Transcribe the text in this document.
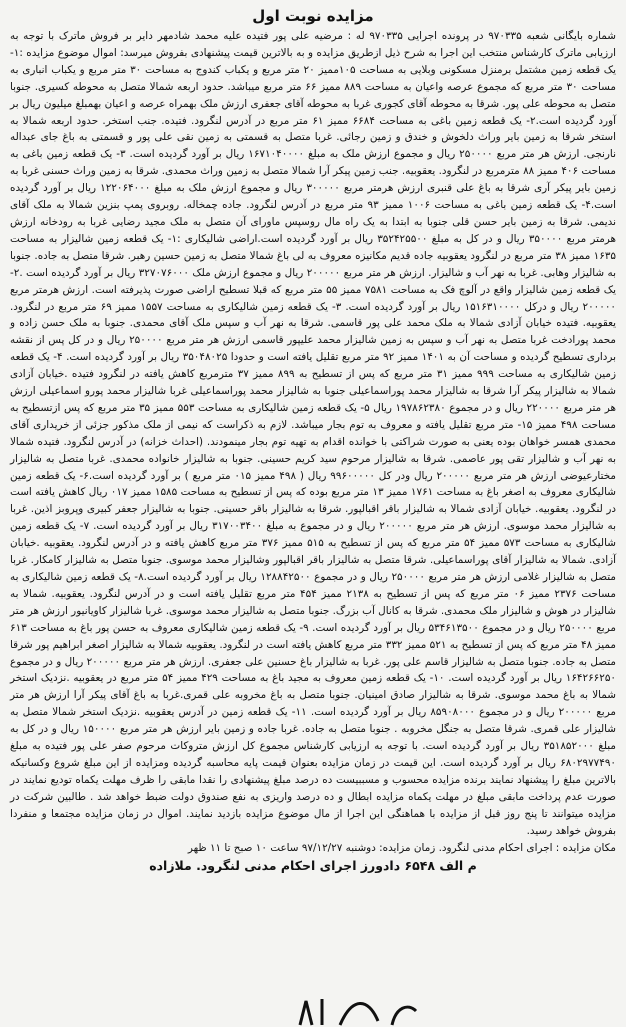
مزایده نوبت اول

شماره بایگانی شعبه ۹۷۰۳۳۵ در پرونده اجرایی ۹۷۰۳۳۵ له : مرضیه علی پور فتیده علیه محمد شادمهر دایر بر فروش ماترک با توجه به ارزیابی ماترک کارشناس منتخب این اجرا به شرح ذیل ازطریق مزایده و به بالاترین قیمت پیشنهادی بفروش میرسد: اموال موضوع مزایده :۱- یک قطعه زمین مشتمل برمنزل مسکونی وبلایی به مساحت ۱۰۵ممیز ۲۰ متر مربع و یکباب کندوج به مساحت ۳۰ متر مربع و یکباب انباری به مساحت ۳۰ متر مربع که مجموع عرصه واعیان به مساحت ۸۸۹ ممیز ۶۶ متر مربع میباشد. حدود اربعه شمالا متصل به محوطه کسیری. جنوبا متصل به محوطه علی پور. شرقا به محوطه آقای کجوری غربا به محوطه آقای جعفری ارزش ملک بهمراه عرصه و اعیان بهمبلغ میلیون ریال بر آورد گردیده است.۲- یک قطعه زمین باغی به مساحت ۶۶۸۴ ممیز ۶۱ متر مربع در آدرس لنگرود. فتیده. جنب استخر. حدود اربعه شمالا به استخر شرقا به زمین بایر وراث دلخوش و خندق و زمین رجائی. غربا متصل به قسمتی به زمین نقی علی پور و قسمتی به باغ جای عبداله نارنجی. ارزش هر متر مربع ۲۵۰۰۰۰ ریال و مجموع ارزش ملک به مبلغ ۱۶۷۱۰۴۰۰۰۰ ریال بر آورد گردیده است. ۳- یک قطعه زمین باغی به مساحت ۴۰۶ ممیز ۸۸ مترمربع در لنگرود. یعقوبیه. جنب زمین پیکر آرا شمالا متصل به زمین وراث محمدی. شرقا به زمین وراث حسنی غربا به زمین بایر پیکر آری شرقا به باغ علی قنبری ارزش هرمتر مربع ۳۰۰۰۰۰ ریال و مجموع ارزش ملک به مبلغ ۱۲۲۰۶۴۰۰۰ ریال بر آورد گردیده است.۴- یک قطعه زمین باغی به مساحت ۱۰۰۶ ممیز ۹۳ متر مربع در آدرس لنگرود. جاده چمخاله. روبروی پمپ بنزین شمالا به ملک آقای ندیمی. شرقا به زمین بایر حسن قلی جنوبا به ابتدا به یک راه مال روسپس ماورای آن متصل به ملک مجید رضایی غربا به رودخانه ارزش هرمتر مربع ۳۵۰۰۰۰ ریال و در کل به مبلغ ۳۵۲۴۲۵۵۰۰ ریال بر آورد گردیده است.اراضی شالیکاری :۱- یک قطعه زمین شالیزار به مساحت ۱۶۳۵ ممیز ۳۸ متر مربع در لنگرود یعقوبیه جاده قدیم مکانیزه معروف به لی باغ شمالا متصل به زمین حسین رهبر. شرقا متصل به جاده. جنوبا به شالیزار وهابی. غربا به نهر آب و شالیزار. ارزش هر متر مربع ۲۰۰۰۰۰ ریال و مجموع ارزش ملک ۳۲۷۰۷۶۰۰۰ ریال بر آورد گردیده است .۲- یک قطعه زمین شالیزار واقع در آلوچ فک به مساحت ۷۵۸۱ ممیز ۵۵ متر مربع که قبلا تسطیح اراضی صورت پذیرفته است. ارزش هرمتر مربع ۲۰۰۰۰۰ ریال و درکل ۱۵۱۶۳۱۰۰۰۰ ریال بر آورد گردیده است. ۳- یک قطعه زمین شالیکاری به مساحت ۱۵۵۷ ممیز ۶۹ متر مربع در لنگرود. یعقوبیه. فتیده خیابان آزادی شمالا به ملک محمد علی پور قاسمی. شرقا به نهر آب و سپس ملک آقای محمدی. جنوبا به ملک حسن زاده و محمد پورادخت غربا متصل به نهر آب و سپس به زمین شالیزار محمد علیپور قاسمی ارزش هر متر مربع ۲۵۰۰۰۰ ریال و در کل پس از نقشه برداری تسطیح گردیده و مساحت آن به ۱۴۰۱ ممیز ۹۲ متر مربع تقلیل یافته است و حدودا ۳۵۰۴۸۰۲۵ ریال بر آورد گردیده است. ۴- یک قطعه زمین شالیکاری به مساحت ۹۹۹ ممیز ۳۱ متر مربع که پس از تسطیح به ۸۹۹ ممیز ۳۷ مترمربع کاهش یافته در لنگرود فتیده .خیابان آزادی شمالا به شالیزار پیکر آرا شرقا به شالیزار محمد پوراسماعیلی جنوبا به شالیزار محمد پوراسماعیلی غربا شالیزار محمد پورو اسماعیلی ارزش هر متر مربع ۲۲۰۰۰۰ ریال و در مجموع ۱۹۷۸۶۲۳۸۰ ریال ۵- یک قطعه زمین شالیکاری به مساحت ۵۵۳ ممیز ۳۵ متر مربع که پس ازتسطیح به مساحت ۴۹۸ ممیز ۱۵- متر مربع تقلیل یافته و معروف به توم بجار میباشد. لازم به ذکراست که نیمی از ملک مذکور جزئی از خریداری آقای محمدی همسر خواهان بوده یعنی به صورت شراکتی با خوانده اقدام به تهیه توم بجار مینمودند. (احداث خزانه) در آدرس لنگرود. فتیده شمالا به نهر آب و شالیزار تقی پور عاصمی. شرقا به شالیزار مرحوم سید کریم حسینی. جنوبا به شالیزار خانواده محمدی. غربا متصل به شالیزار مختارعیوضی ارزش هر متر مربع ۲۰۰۰۰۰ ریال ودر کل ۹۹۶۰۰۰۰۰ ریال ( ۴۹۸ ممیز ۰۱۵ متر مربع ) بر آورد گردیده است.۶- یک قطعه زمین شالیکاری معروف به اصغر باغ به مساحت ۱۷۶۱ ممیز ۱۳ متر مربع بوده که پس از تسطیح به مساحت ۱۵۸۵ ممیز ۰۱۷ ریال کاهش یافته است در لنگرود. یعقوبیه. خیابان آزادی شمالا به شالیزار باقر اقبالپور. شرقا به شالیزار باقر حسینی. جنوبا به شالیزار جعفر کبیری وپروبز اذین. غربا به شالیزار محمد موسوی. ارزش هر متر مربع ۲۰۰۰۰۰ ریال و در مجموع به مبلغ ۳۱۷۰۰۳۴۰۰ ریال بر آورد گردیده است. ۷- یک قطعه زمین شالیکاری به مساحت ۵۷۳ ممیز ۵۴ متر مربع که پس از تسطیح به ۵۱۵ ممیز ۳۷۶ متر مربع کاهش یافته و در آدرس لنگرود. یعقوبیه .خیابان آزادی. شمالا به شالیزار آقای پوراسماعیلی. شرقا متصل به شالیزار باقر اقبالپور وشالیزار محمد موسوی. جنوبا متصل به شالیزار کامکار. غربا متصل به شالیزار غلامی ارزش هر متر مربع ۲۵۰۰۰۰ ریال و در مجموع ۱۲۸۸۴۲۵۰۰ ریال بر آورد گردیده است.۸- یک قطعه زمین شالیکاری به مساحت ۲۳۷۶ ممیز ۰۶ متر مربع که پس از تسطیح به ۲۱۳۸ ممیز ۴۵۴ متر مربع تقلیل یافته است و در آدرس لنگرود. یعقوبیه. شمالا به شالیزار در هوش و شالیزار ملک محمدی. شرقا به کانال آب بزرگ. جنوبا متصل به شالیزار محمد موسوی. غربا شالیزار کاویانیور ارزش هر متر مربع ۲۵۰۰۰۰ ریال و در مجموع ۵۳۴۶۱۳۵۰۰ ریال بر آورد گردیده است. ۹- یک قطعه زمین شالیکاری معروف به حسن پور باغ به مساحت ۶۱۳ ممیز ۴۸ متر مربع که پس از تسطیح به ۵۲۱ ممیز ۳۳۲ متر مربع کاهش یافته است در لنگرود. یعقوبیه شمالا به شالیزار اصغر ابراهیم پور شرقا متصل به جاده. جنوبا متصل به شالیزار قاسم علی پور. غربا به شالیزار باغ حسنین علی جعفری. ارزش هر متر مربع ۲۰۰۰۰۰ ریال و در مجموع ۱۶۴۲۶۶۲۵۰ ریال بر آورد گردیده است. ۱۰- یک قطعه زمین معروف به مجید باغ به مساحت ۴۲۹ ممیز ۵۴ متر مربع در یعقوبیه .نزدیک استخر شمالا به باغ محمد موسوی. شرقا به شالیزار صادق امینیان. جنوبا متصل به باغ مخروبه علی قمری.غربا به باغ آقای پیکر آرا ارزش هر متر مربع ۲۰۰۰۰۰ ریال و در مجموع ۸۵۹۰۸۰۰۰ ریال بر آورد گردیده است. ۱۱- یک قطعه زمین در آدرس یعقوبیه .نزدیک استخر شمالا متصل به شالیزار علی قمری. شرقا متصل به جنگل مخروبه . جنوبا متصل به جاده. غربا جاده و زمین بایر ارزش هر متر مربع ۱۵۰۰۰۰ ریال و در کل به مبلغ ۳۵۱۸۵۲۰۰۰ ریال بر آورد گردیده است. با توجه به ارزیابی کارشناس مجموع کل ارزش متروکات مرحوم صفر علی پور فتیده به مبلغ ۶۸۰۲۹۷۷۴۹۰ ریال بر آورد گردیده است. این قیمت در زمان مزایده بعنوان قیمت پایه محاسبه گردیده ومزایده از این مبلغ شروع وکسانیکه بالاترین مبلغ را پیشنهاد نمایند برنده مزایده محسوب و مسببیست ده درصد مبلغ پیشنهادی را نقدا مابقی را ظرف مهلت یکماه تودیع نمایند در صورت عدم پرداخت مابقی مبلغ در مهلت یکماه مزایده ابطال و ده درصد واریزی به نفع صندوق دولت ضبط خواهد شد . طالبین شرکت در مزایده میتوانند تا پنج روز قبل از مزایده با هماهنگی این اجرا از مال موضوع مزایده بازدید نمایند. اموال در زمان مزایده مجتمعا و منفردا بفروش خواهد رسید.

مکان مزایده : اجرای احکام مدنی لنگرود. زمان مزایده: دوشنبه ۹۷/۱۲/۲۷ ساعت ۱۰ صبح تا ۱۱ ظهر
م الف ۶۵۴۸ دادورز اجرای احکام مدنی لنگرود. ملازاده
